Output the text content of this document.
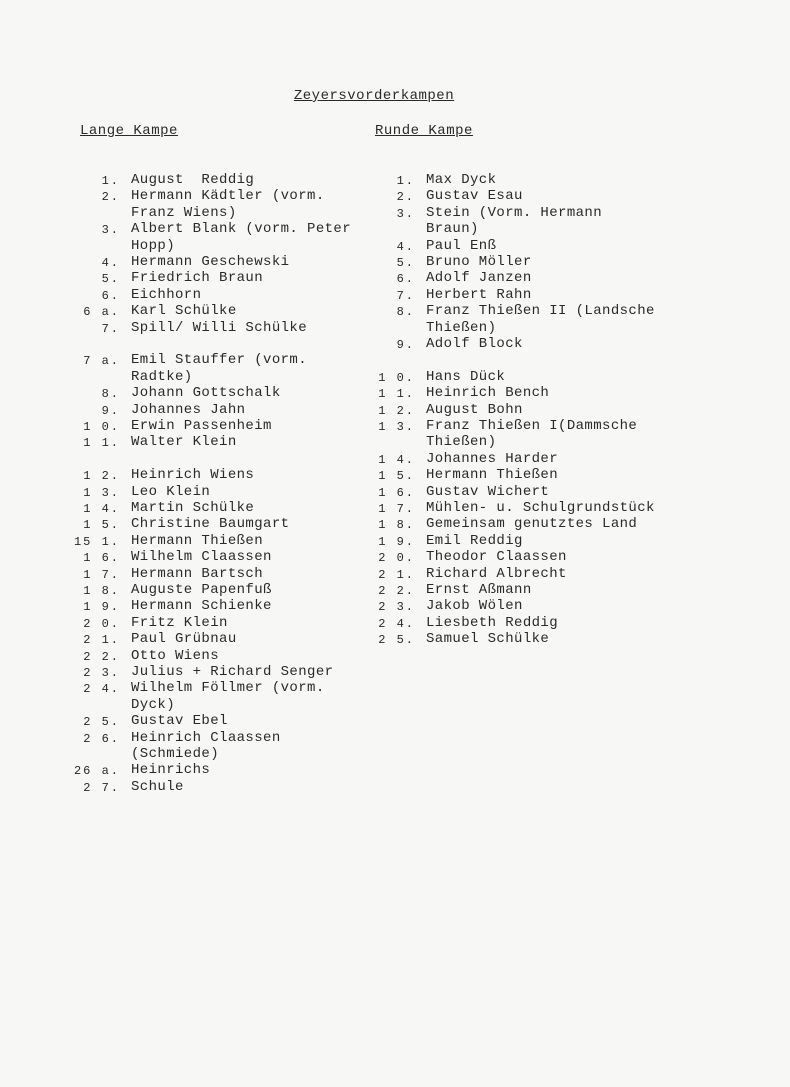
Zeyersvorderkampen
Lange Kampe	Runde Kampe
1. August  Reddig
2. Hermann Kädtler (vorm.
Franz Wiens)
3. Albert Blank (vorm. Peter
Hopp)
4. Hermann Geschewski
5. Friedrich Braun
6. Eichhorn
6 a. Karl Schülke
7. Spill/ Willi Schülke
7 a. Emil Stauffer (vorm.
Radtke)
8. Johann Gottschalk
9. Johannes Jahn
1 0. Erwin Passenheim
1 1. Walter Klein
1 2. Heinrich Wiens
1 3. Leo Klein
1 4. Martin Schülke
1 5. Christine Baumgart
15 1. Hermann Thießen
1 6. Wilhelm Claassen
1 7. Hermann Bartsch
1 8. Auguste Papenfuß
1 9. Hermann Schienke
2 0. Fritz Klein
2 1. Paul Grübnau
2 2. Otto Wiens
2 3. Julius + Richard Senger
2 4. Wilhelm Föllmer (vorm.
Dyck)
2 5. Gustav Ebel
2 6. Heinrich Claassen
(Schmiede)
26 a. Heinrichs
2 7. Schule
1. Max Dyck
2. Gustav Esau
3. Stein (Vorm. Hermann
Braun)
4. Paul Enß
5. Bruno Möller
6. Adolf Janzen
7. Herbert Rahn
8. Franz Thießen II (Landsche
Thießen)
9. Adolf Block
1 0. Hans Dück
1 1. Heinrich Bench
1 2. August Bohn
1 3. Franz Thießen I(Dammsche
Thießen)
1 4. Johannes Harder
1 5. Hermann Thießen
1 6. Gustav Wichert
1 7. Mühlen- u. Schulgrundstück
1 8. Gemeinsam genutztes Land
1 9. Emil Reddig
2 0. Theodor Claassen
2 1. Richard Albrecht
2 2. Ernst Aßmann
2 3. Jakob Wölen
2 4. Liesbeth Reddig
2 5. Samuel Schülke
